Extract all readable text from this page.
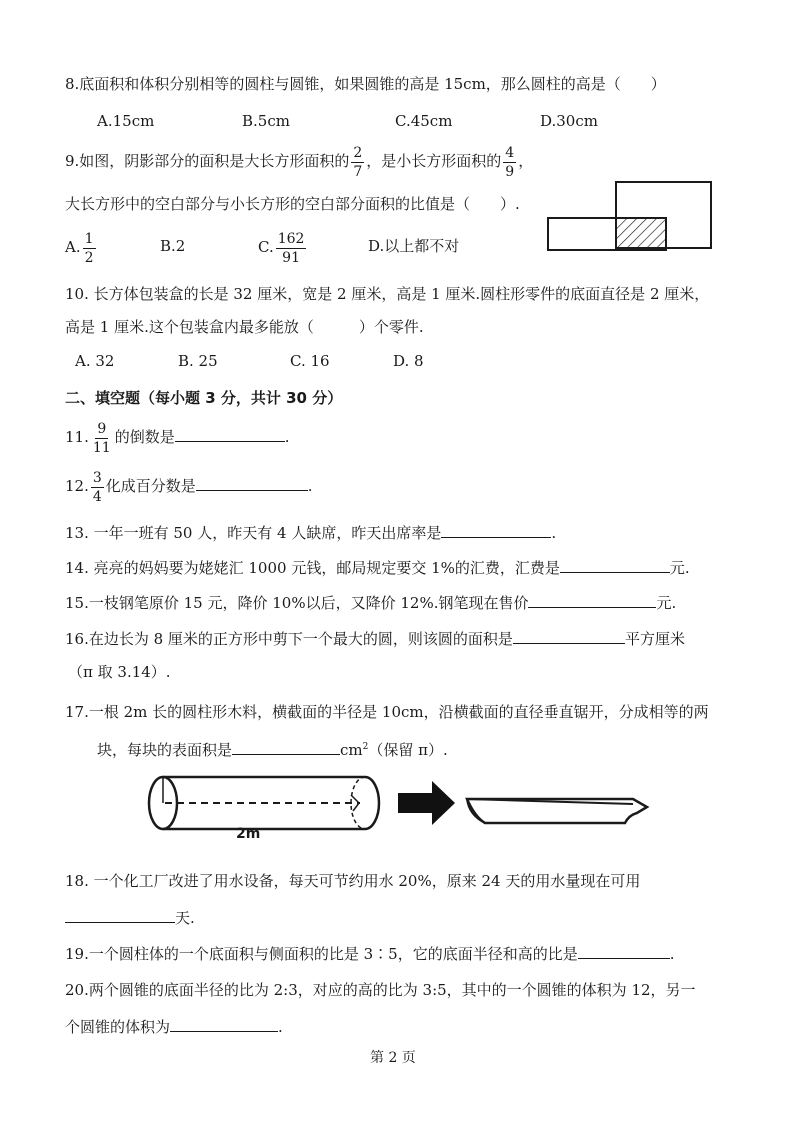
8.底面积和体积分别相等的圆柱与圆锥，如果圆锥的高是 15cm，那么圆柱的高是（　　）
A.15cm	B.5cm	C.45cm	D.30cm
9.如图，阴影部分的面积是大长方形面积的 $\frac{2}{7}$ ，是小长方形面积的 $\frac{4}{9}$ ，
大长方形中的空白部分与小长方形的空白部分面积的比值是（　　）.
A. $\frac{1}{2}$	B.2	C. $\frac{162}{91}$	D.以上都不对
10. 长方体包装盒的长是 32 厘米，宽是 2 厘米，高是 1 厘米.圆柱形零件的底面直径是 2 厘米，
高是 1 厘米.这个包装盒内最多能放（　　　）个零件.
A. 32	B. 25	C. 16	D. 8
二、填空题（每小题 3 分，共计 30 分）
11. $\frac{9}{11}$ 的倒数是	.
12. $\frac{3}{4}$ 化成百分数是	.
13. 一年一班有 50 人，昨天有 4 人缺席，昨天出席率是	.
14. 亮亮的妈妈要为姥姥汇 1000 元钱，邮局规定要交 1%的汇费，汇费是	元.
15.一枝钢笔原价 15 元，降价 10%以后，又降价 12%.钢笔现在售价	元.
16.在边长为 8 厘米的正方形中剪下一个最大的圆，则该圆的面积是	平方厘米
（π 取 3.14）.
17.一根 2m 长的圆柱形木料，横截面的半径是 10cm，沿横截面的直径垂直锯开，分成相等的两
块，每块的表面积是	$cm^2$（保留 π）.
2m
18. 一个化工厂改进了用水设备，每天可节约用水 20%，原来 24 天的用水量现在可用
天.
19.一个圆柱体的一个底面积与侧面积的比是 3∶5，它的底面半径和高的比是	.
20.两个圆锥的底面半径的比为 2:3，对应的高的比为 3:5，其中的一个圆锥的体积为 12，另一
个圆锥的体积为	.
第 2 页
